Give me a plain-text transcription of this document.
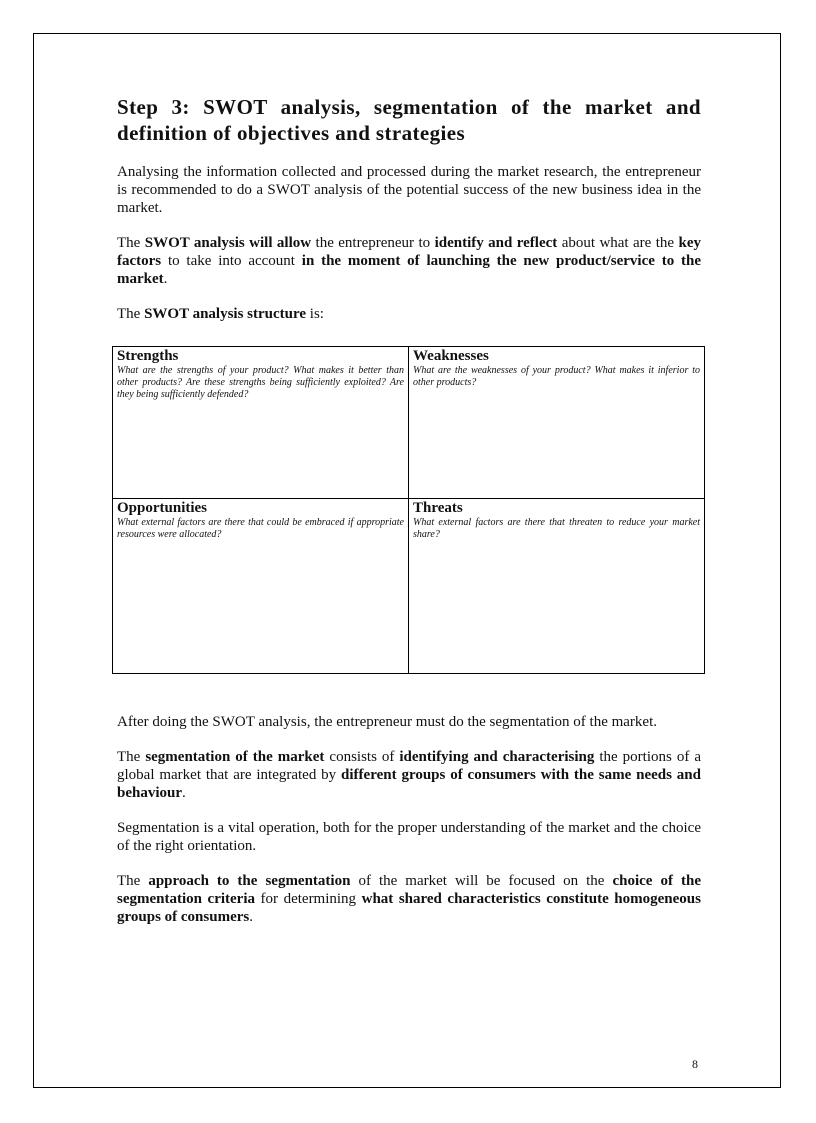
Step 3: SWOT analysis, segmentation of the market and definition of objectives and strategies

Analysing the information collected and processed during the market research, the entrepreneur is recommended to do a SWOT analysis of the potential success of the new business idea in the market.

The SWOT analysis will allow the entrepreneur to identify and reflect about what are the key factors to take into account in the moment of launching the new product/service to the market.

The SWOT analysis structure is:

Strengths

What are the strengths of your product? What makes it better than other products? Are these strengths being sufficiently exploited? Are they being sufficiently defended?

Weaknesses

What are the weaknesses of your product? What makes it inferior to other products?

Opportunities

What external factors are there that could be embraced if appropriate resources were allocated?

Threats

What external factors are there that threaten to reduce your market share?

After doing the SWOT analysis, the entrepreneur must do the segmentation of the market.

The segmentation of the market consists of identifying and characterising the portions of a global market that are integrated by different groups of consumers with the same needs and behaviour.

Segmentation is a vital operation, both for the proper understanding of the market and the choice of the right orientation.

The approach to the segmentation of the market will be focused on the choice of the segmentation criteria for determining what shared characteristics constitute homogeneous groups of consumers.

8
